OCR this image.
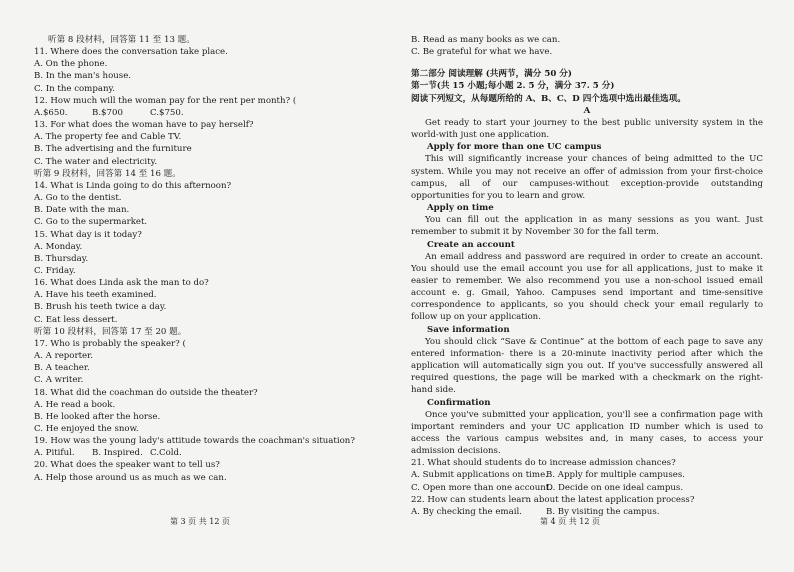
听第 8 段材料，回答第 11 至 13 题。
11. Where does the conversation take place.
A. On the phone.
B. In the man's house.
C. In the company.
12. How much will the woman pay for the rent per month? (
A.$650.	B.$700	C.$750.
13. For what does the woman have to pay herself?
A. The property fee and Cable TV.
B. The advertising and the furniture
C. The water and electricity.
听第 9 段材料，回答第 14 至 16 题。
14. What is Linda going to do this afternoon?
A. Go to the dentist.
B. Date with the man.
C. Go to the supermarket.
15. What day is it today?
A. Monday.
B. Thursday.
C. Friday.
16. What does Linda ask the man to do?
A. Have his teeth examined.
B. Brush his teeth twice a day.
C. Eat less dessert.
听第 10 段材料，回答第 17 至 20 题。
17. Who is probably the speaker? (
A. A reporter.
B. A teacher.
C. A writer.
18. What did the coachman do outside the theater?
A. He read a book.
B. He looked after the horse.
C. He enjoyed the snow.
19. How was the young lady's attitude towards the coachman's situation?
A. Pitiful. B. Inspired. C.Cold.
20. What does the speaker want to tell us?
A. Help those around us as much as we can.
B. Read as many books as we can.
C. Be grateful for what we have.
第二部分 阅读理解 (共两节，满分 50 分)
第一节(共 15 小题;每小题 2. 5 分，满分 37. 5 分)
阅读下列短文，从每题所给的 A、B、C、D 四个选项中选出最佳选项。
A
Get ready to start your journey to the best public university system in the world-with just one application.
Apply for more than one UC campus
This will significantly increase your chances of being admitted to the UC system. While you may not receive an offer of admission from your first-choice campus, all of our campuses-without exception-provide outstanding opportunities for you to learn and grow.
Apply on time
You can fill out the application in as many sessions as you want. Just remember to submit it by November 30 for the fall term.
Create an account
An email address and password are required in order to create an account. You should use the email account you use for all applications, just to make it easier to remember. We also recommend you use a non-school issued email account e. g. Gmail, Yahoo. Campuses send important and time-sensitive correspondence to applicants, so you should check your email regularly to follow up on your application.
Save information
You should click “Save & Continue” at the bottom of each page to save any entered information- there is a 20-minute inactivity period after which the application will automatically sign you out. If you've successfully answered all required questions, the page will be marked with a checkmark on the right-hand side.
Confirmation
Once you've submitted your application, you'll see a confirmation page with important reminders and your UC application ID number which is used to access the various campus websites and, in many cases, to access your admission decisions.
21. What should students do to increase admission chances?
A. Submit applications on time.B. Apply for multiple campuses.
C. Open more than one account.D. Decide on one ideal campus.
22. How can students learn about the latest application process?
A. By checking the email.	B. By visiting the campus.
第 3 页 共 12 页	第 4 页 共 12 页
